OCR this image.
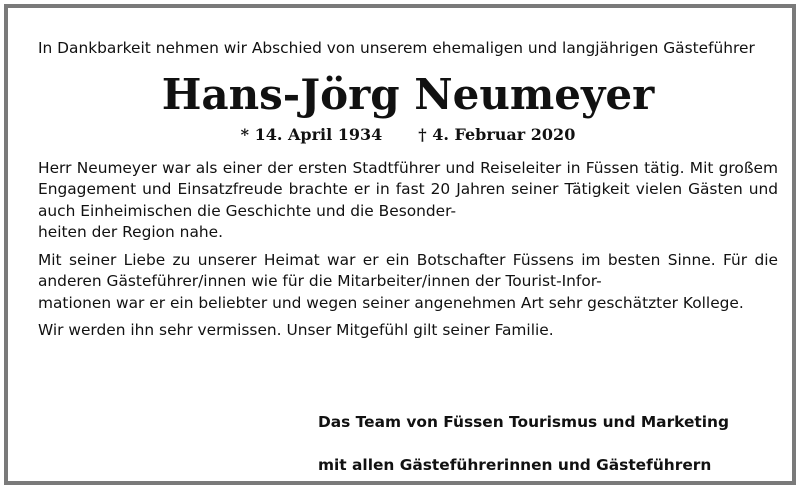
In Dankbarkeit nehmen wir Abschied von unserem ehemaligen und langjährigen Gästeführer

Hans-Jörg Neumeyer
* 14. April 1934 † 4. Februar 2020

Herr Neumeyer war als einer der ersten Stadtführer und Reiseleiter in Füssen tätig. Mit großem Engagement und Einsatzfreude brachte er in fast 20 Jahren seiner Tätigkeit vielen Gästen und auch Einheimischen die Geschichte und die Besonder-
heiten der Region nahe.

Mit seiner Liebe zu unserer Heimat war er ein Botschafter Füssens im besten Sinne. Für die anderen Gästeführer/innen wie für die Mitarbeiter/innen der Tourist-Infor-
mationen war er ein beliebter und wegen seiner angenehmen Art sehr geschätzter Kollege.

Wir werden ihn sehr vermissen. Unser Mitgefühl gilt seiner Familie.

Das Team von Füssen Tourismus und Marketing

mit allen Gästeführerinnen und Gästeführern
